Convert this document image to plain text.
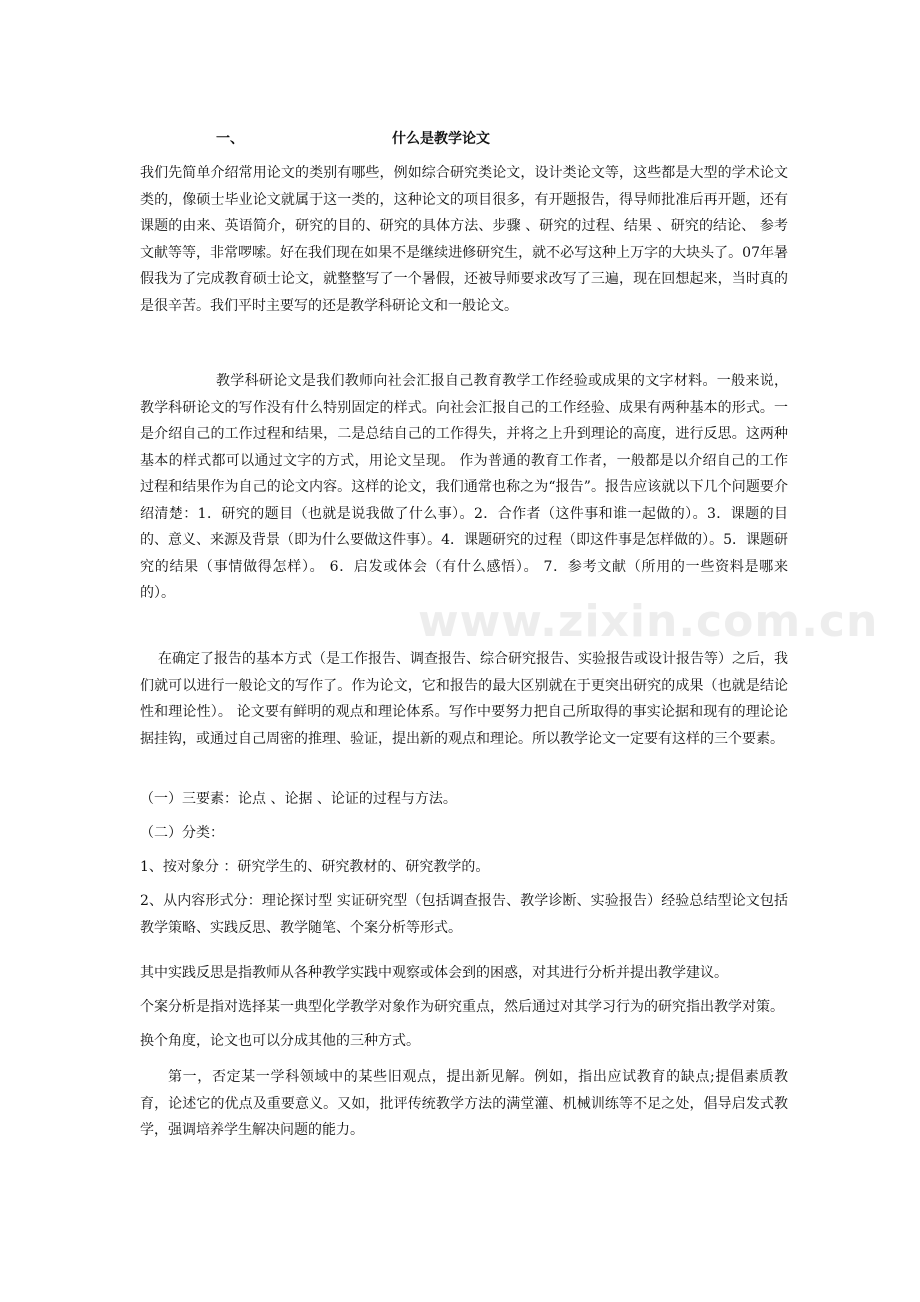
一、	什么是教学论文

我们先简单介绍常用论文的类别有哪些，例如综合研究类论文，设计类论文等，这些都是大型的学术论文类的，像硕士毕业论文就属于这一类的，这种论文的项目很多，有开题报告，得导师批准后再开题，还有课题的由来、英语简介，研究的目的、研究的具体方法、步骤 、研究的过程、结果 、研究的结论、 参考文献等等，非常啰嗦。好在我们现在如果不是继续进修研究生，就不必写这种上万字的大块头了。07年暑假我为了完成教育硕士论文，就整整写了一个暑假，还被导师要求改写了三遍，现在回想起来，当时真的是很辛苦。我们平时主要写的还是教学科研论文和一般论文。

教学科研论文是我们教师向社会汇报自己教育教学工作经验或成果的文字材料。一般来说，教学科研论文的写作没有什么特别固定的样式。向社会汇报自己的工作经验、成果有两种基本的形式。一是介绍自己的工作过程和结果，二是总结自己的工作得失，并将之上升到理论的高度，进行反思。这两种基本的样式都可以通过文字的方式，用论文呈现。 作为普通的教育工作者，一般都是以介绍自己的工作过程和结果作为自己的论文内容。这样的论文，我们通常也称之为“报告”。报告应该就以下几个问题要介绍清楚：1．研究的题目（也就是说我做了什么事）。2．合作者（这件事和谁一起做的）。3．课题的目的、意义、来源及背景（即为什么要做这件事）。4．课题研究的过程（即这件事是怎样做的）。5．课题研究的结果（事情做得怎样）。 6．启发或体会（有什么感悟）。 7．参考文献（所用的一些资料是哪来的）。

在确定了报告的基本方式（是工作报告、调查报告、综合研究报告、实验报告或设计报告等）之后，我们就可以进行一般论文的写作了。作为论文，它和报告的最大区别就在于更突出研究的成果（也就是结论性和理论性）。 论文要有鲜明的观点和理论体系。写作中要努力把自己所取得的事实论据和现有的理论论据挂钩，或通过自己周密的推理、验证，提出新的观点和理论。所以教学论文一定要有这样的三个要素。

（一）三要素：论点 、论据 、论证的过程与方法。

（二）分类：

1、按对象分 ：研究学生的、研究教材的、研究教学的。

2、从内容形式分：理论探讨型 实证研究型（包括调查报告、教学诊断、实验报告）经验总结型论文包括教学策略、实践反思、教学随笔、个案分析等形式。

其中实践反思是指教师从各种教学实践中观察或体会到的困惑，对其进行分析并提出教学建议。

个案分析是指对选择某一典型化学教学对象作为研究重点，然后通过对其学习行为的研究指出教学对策。

换个角度，论文也可以分成其他的三种方式。

第一，否定某一学科领域中的某些旧观点，提出新见解。例如，指出应试教育的缺点;提倡素质教育，论述它的优点及重要意义。又如，批评传统教学方法的满堂灌、机械训练等不足之处，倡导启发式教学，强调培养学生解决问题的能力。

www.zixin.com.cn
